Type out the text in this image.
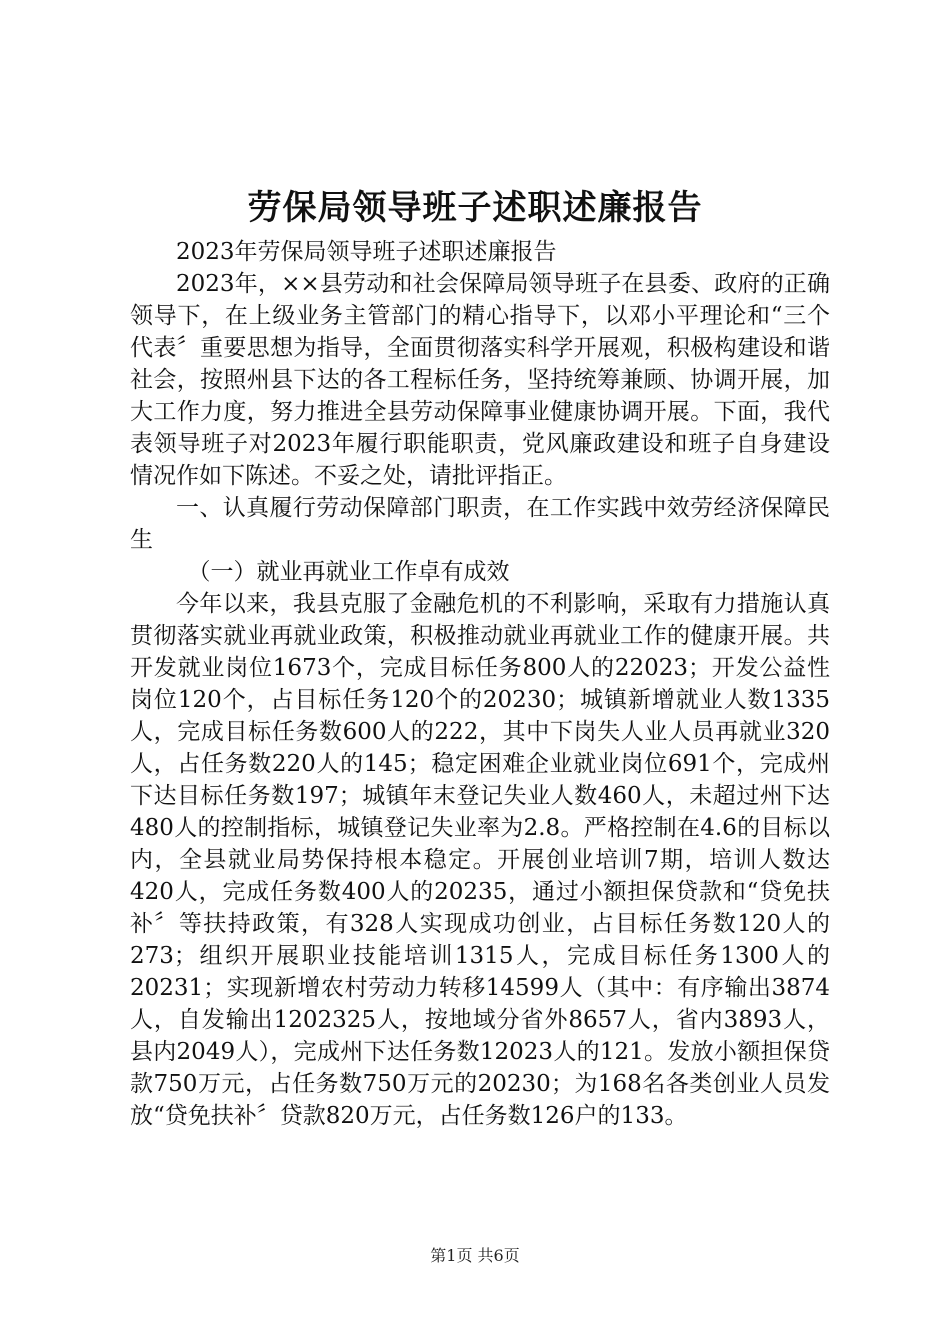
劳保局领导班子述职述廉报告

2023年劳保局领导班子述职述廉报告

2023年，××县劳动和社会保障局领导班子在县委、政府的正确领导下，在上级业务主管部门的精心指导下，以邓小平理论和“三个代表〞重要思想为指导，全面贯彻落实科学开展观，积极构建设和谐社会，按照州县下达的各工程标任务，坚持统筹兼顾、协调开展，加大工作力度，努力推进全县劳动保障事业健康协调开展。下面，我代表领导班子对2023年履行职能职责，党风廉政建设和班子自身建设情况作如下陈述。不妥之处，请批评指正。

一、认真履行劳动保障部门职责，在工作实践中效劳经济保障民生

（一）就业再就业工作卓有成效

今年以来，我县克服了金融危机的不利影响，采取有力措施认真贯彻落实就业再就业政策，积极推动就业再就业工作的健康开展。共开发就业岗位1673个，完成目标任务800人的22023；开发公益性岗位120个，占目标任务120个的20230；城镇新增就业人数1335人，完成目标任务数600人的222，其中下岗失人业人员再就业320人，占任务数220人的145；稳定困难企业就业岗位691个，完成州下达目标任务数197；城镇年末登记失业人数460人，未超过州下达480人的控制指标，城镇登记失业率为2.8。严格控制在4.6的目标以内，全县就业局势保持根本稳定。开展创业培训7期，培训人数达420人，完成任务数400人的20235，通过小额担保贷款和“贷免扶补〞等扶持政策，有328人实现成功创业，占目标任务数120人的273；组织开展职业技能培训1315人，完成目标任务1300人的20231；实现新增农村劳动力转移14599人（其中：有序输出3874人，自发输出1202325人，按地域分省外8657人，省内3893人，县内2049人），完成州下达任务数12023人的121。发放小额担保贷款750万元，占任务数750万元的20230；为168名各类创业人员发放“贷免扶补〞贷款820万元，占任务数126户的133。

第1页 共6页
